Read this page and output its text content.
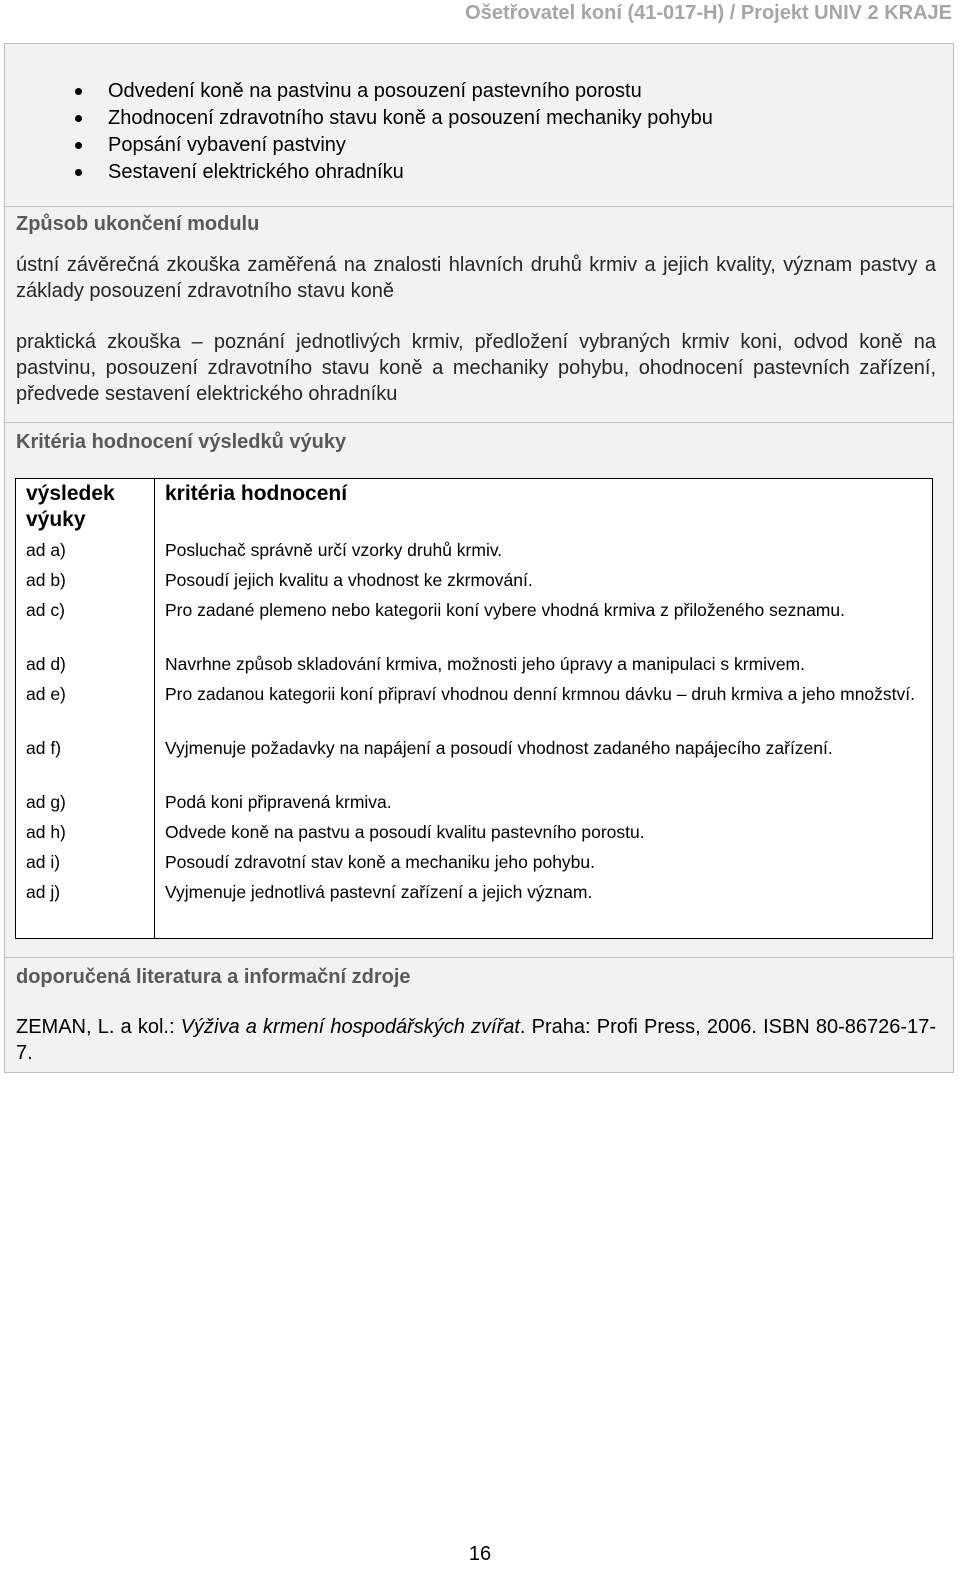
Ošetřovatel koní (41-017-H) / Projekt UNIV 2 KRAJE
Odvedení koně na pastvinu a posouzení pastevního porostu
Zhodnocení zdravotního stavu koně a posouzení mechaniky pohybu
Popsání vybavení pastviny
Sestavení elektrického ohradníku
Způsob ukončení modulu
ústní závěrečná zkouška zaměřená na znalosti hlavních druhů krmiv a jejich kvality, význam pastvy a základy posouzení zdravotního stavu koně
praktická zkouška – poznání jednotlivých krmiv, předložení vybraných krmiv koni, odvod koně na pastvinu, posouzení zdravotního stavu koně a mechaniky pohybu, ohodnocení pastevních zařízení, předvede sestavení elektrického ohradníku
Kritéria hodnocení výsledků výuky
výsledek výuky	kritéria hodnocení
ad a)	Posluchač správně určí vzorky druhů krmiv.
ad b)	Posoudí jejich kvalitu a vhodnost ke zkrmování.
ad c)	Pro zadané plemeno nebo kategorii koní vybere vhodná krmiva z přiloženého seznamu.
ad d)	Navrhne způsob skladování krmiva, možnosti jeho úpravy a manipulaci s krmivem.
ad e)	Pro zadanou kategorii koní připraví vhodnou denní krmnou dávku – druh krmiva a jeho množství.
ad f)	Vyjmenuje požadavky na napájení a posoudí vhodnost zadaného napájecího zařízení.
ad g)	Podá koni připravená krmiva.
ad h)	Odvede koně na pastvu a posoudí kvalitu pastevního porostu.
ad i)	Posoudí zdravotní stav koně a mechaniku jeho pohybu.
ad j)	Vyjmenuje jednotlivá pastevní zařízení a jejich význam.
doporučená literatura a informační zdroje
ZEMAN, L. a kol.: Výživa a krmení hospodářských zvířat. Praha: Profi Press, 2006. ISBN 80-86726-17-7.
16
